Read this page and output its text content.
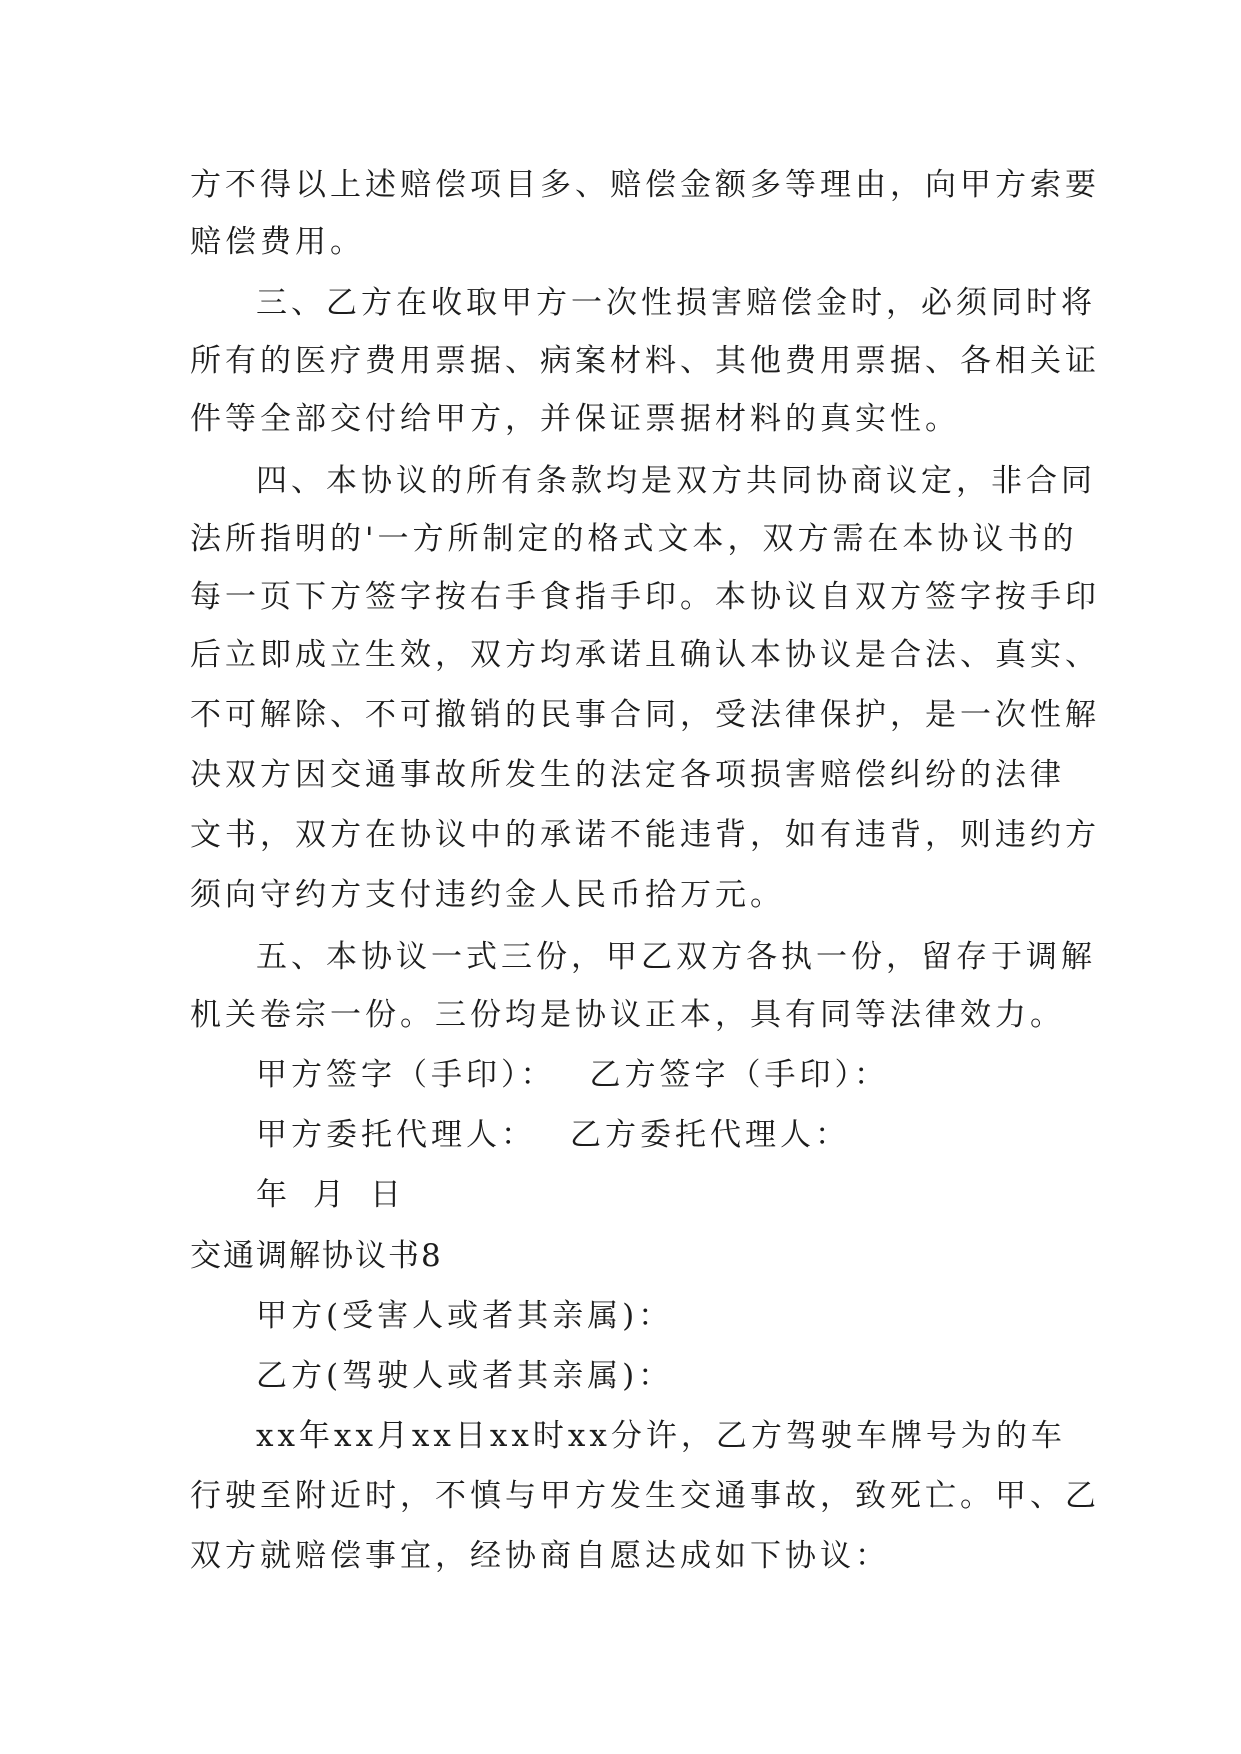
方不得以上述赔偿项目多、赔偿金额多等理由，向甲方索要
赔偿费用。
三、乙方在收取甲方一次性损害赔偿金时，必须同时将
所有的医疗费用票据、病案材料、其他费用票据、各相关证
件等全部交付给甲方，并保证票据材料的真实性。
四、本协议的所有条款均是双方共同协商议定，非合同
法所指明的'一方所制定的格式文本，双方需在本协议书的
每一页下方签字按右手食指手印。本协议自双方签字按手印
后立即成立生效，双方均承诺且确认本协议是合法、真实、
不可解除、不可撤销的民事合同，受法律保护，是一次性解
决双方因交通事故所发生的法定各项损害赔偿纠纷的法律
文书，双方在协议中的承诺不能违背，如有违背，则违约方
须向守约方支付违约金人民币拾万元。
五、本协议一式三份，甲乙双方各执一份，留存于调解
机关卷宗一份。三份均是协议正本，具有同等法律效力。
甲方签字（手印）： 乙方签字（手印）：
甲方委托代理人： 乙方委托代理人：
年 月 日
交通调解协议书8
甲方(受害人或者其亲属)：
乙方(驾驶人或者其亲属)：
xx年xx月xx日xx时xx分许，乙方驾驶车牌号为的车
行驶至附近时，不慎与甲方发生交通事故，致死亡。甲、乙
双方就赔偿事宜，经协商自愿达成如下协议：
